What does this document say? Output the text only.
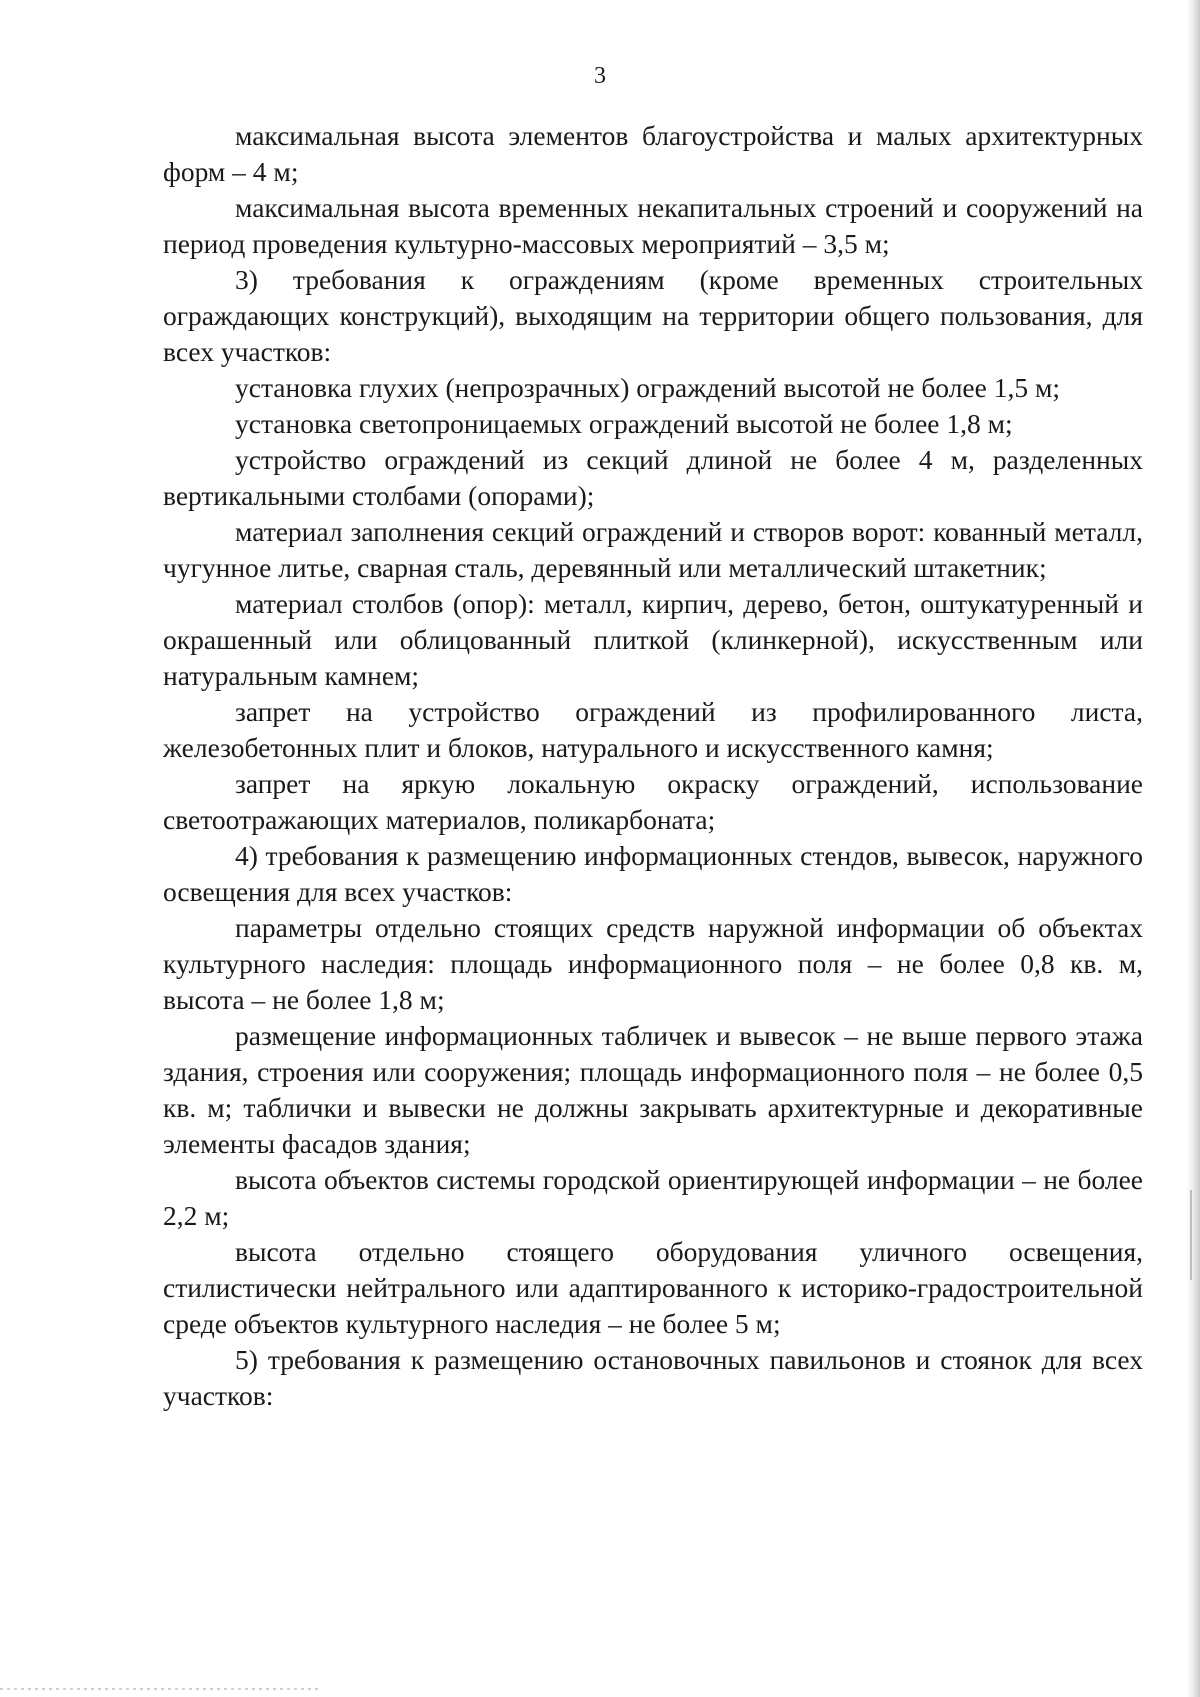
3

максимальная высота элементов благоустройства и малых архитектурных форм – 4 м;

максимальная высота временных некапитальных строений и сооружений на период проведения культурно-массовых мероприятий – 3,5 м;

3) требования к ограждениям (кроме временных строительных ограждающих конструкций), выходящим на территории общего пользования, для всех участков:

установка глухих (непрозрачных) ограждений высотой не более 1,5 м;

установка светопроницаемых ограждений высотой не более 1,8 м;

устройство ограждений из секций длиной не более 4 м, разделенных вертикальными столбами (опорами);

материал заполнения секций ограждений и створов ворот: кованный металл, чугунное литье, сварная сталь, деревянный или металлический штакетник;

материал столбов (опор): металл, кирпич, дерево, бетон, оштукатуренный и окрашенный или облицованный плиткой (клинкерной), искусственным или натуральным камнем;

запрет на устройство ограждений из профилированного листа, железобетонных плит и блоков, натурального и искусственного камня;

запрет на яркую локальную окраску ограждений, использование светоотражающих материалов, поликарбоната;

4) требования к размещению информационных стендов, вывесок, наружного освещения для всех участков:

параметры отдельно стоящих средств наружной информации об объектах культурного наследия: площадь информационного поля – не более 0,8 кв. м, высота – не более 1,8 м;

размещение информационных табличек и вывесок – не выше первого этажа здания, строения или сооружения; площадь информационного поля – не более 0,5 кв. м; таблички и вывески не должны закрывать архитектурные и декоративные элементы фасадов здания;

высота объектов системы городской ориентирующей информации – не более 2,2 м;

высота отдельно стоящего оборудования уличного освещения, стилистически нейтрального или адаптированного к историко-градостроительной среде объектов культурного наследия – не более 5 м;

5) требования к размещению остановочных павильонов и стоянок для всех участков:
